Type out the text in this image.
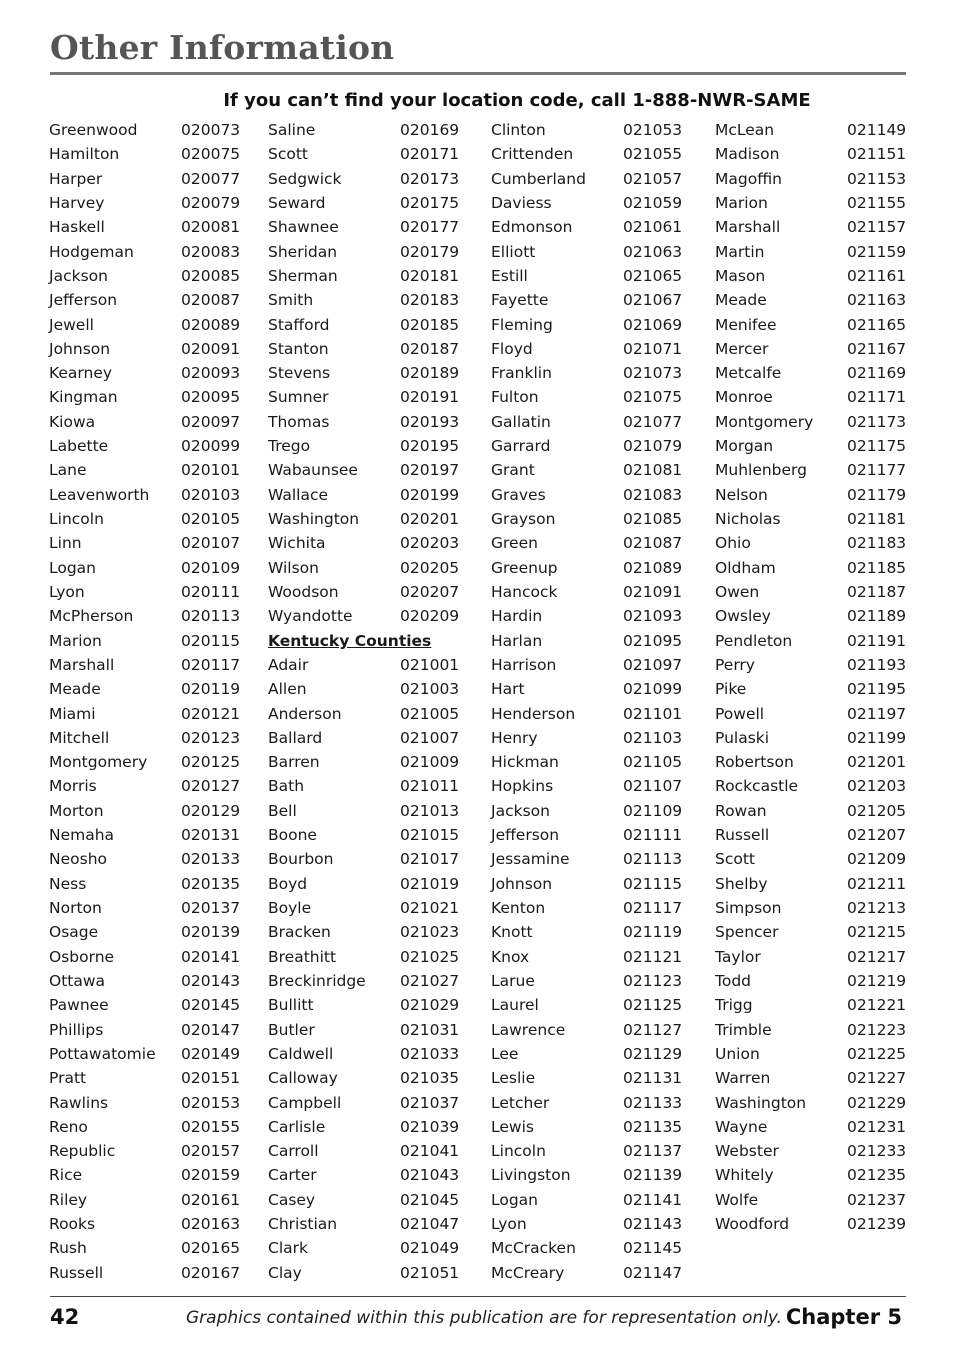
Other Information
If you can’t find your location code, call 1-888-NWR-SAME
Greenwood	020073
Hamilton	020075
Harper	020077
Harvey	020079
Haskell	020081
Hodgeman	020083
Jackson	020085
Jefferson	020087
Jewell	020089
Johnson	020091
Kearney	020093
Kingman	020095
Kiowa	020097
Labette	020099
Lane	020101
Leavenworth 020103
Lincoln	020105
Linn	020107
Logan	020109
Lyon	020111
McPherson	020113
Marion	020115
Marshall	020117
Meade	020119
Miami	020121
Mitchell	020123
Montgomery 020125
Morris	020127
Morton	020129
Nemaha	020131
Neosho	020133
Ness	020135
Norton	020137
Osage	020139
Osborne	020141
Ottawa	020143
Pawnee	020145
Phillips	020147
Pottawatomie 020149
Pratt	020151
Rawlins	020153
Reno	020155
Republic	020157
Rice	020159
Riley	020161
Rooks	020163
Rush	020165
Russell	020167
Saline	020169
Scott	020171
Sedgwick	020173
Seward	020175
Shawnee	020177
Sheridan	020179
Sherman	020181
Smith	020183
Stafford	020185
Stanton	020187
Stevens	020189
Sumner	020191
Thomas	020193
Trego	020195
Wabaunsee	020197
Wallace	020199
Washington	020201
Wichita	020203
Wilson	020205
Woodson	020207
Wyandotte	020209
Kentucky Counties
Adair	021001
Allen	021003
Anderson	021005
Ballard	021007
Barren	021009
Bath	021011
Bell	021013
Boone	021015
Bourbon	021017
Boyd	021019
Boyle	021021
Bracken	021023
Breathitt	021025
Breckinridge 021027
Bullitt	021029
Butler	021031
Caldwell	021033
Calloway	021035
Campbell	021037
Carlisle	021039
Carroll	021041
Carter	021043
Casey	021045
Christian	021047
Clark	021049
Clay	021051
Clinton	021053
Crittenden	021055
Cumberland 021057
Daviess	021059
Edmonson	021061
Elliott	021063
Estill	021065
Fayette	021067
Fleming	021069
Floyd	021071
Franklin	021073
Fulton	021075
Gallatin	021077
Garrard	021079
Grant	021081
Graves	021083
Grayson	021085
Green	021087
Greenup	021089
Hancock	021091
Hardin	021093
Harlan	021095
Harrison	021097
Hart	021099
Henderson	021101
Henry	021103
Hickman	021105
Hopkins	021107
Jackson	021109
Jefferson	021111
Jessamine	021113
Johnson	021115
Kenton	021117
Knott	021119
Knox	021121
Larue	021123
Laurel	021125
Lawrence	021127
Lee	021129
Leslie	021131
Letcher	021133
Lewis	021135
Lincoln	021137
Livingston	021139
Logan	021141
Lyon	021143
McCracken	021145
McCreary	021147
McLean	021149
Madison	021151
Magoffin	021153
Marion	021155
Marshall	021157
Martin	021159
Mason	021161
Meade	021163
Menifee	021165
Mercer	021167
Metcalfe	021169
Monroe	021171
Montgomery 021173
Morgan	021175
Muhlenberg	021177
Nelson	021179
Nicholas	021181
Ohio	021183
Oldham	021185
Owen	021187
Owsley	021189
Pendleton	021191
Perry	021193
Pike	021195
Powell	021197
Pulaski	021199
Robertson	021201
Rockcastle	021203
Rowan	021205
Russell	021207
Scott	021209
Shelby	021211
Simpson	021213
Spencer	021215
Taylor	021217
Todd	021219
Trigg	021221
Trimble	021223
Union	021225
Warren	021227
Washington	021229
Wayne	021231
Webster	021233
Whitely	021235
Wolfe	021237
Woodford	021239
42	Graphics contained within this publication are for representation only. Chapter 5
